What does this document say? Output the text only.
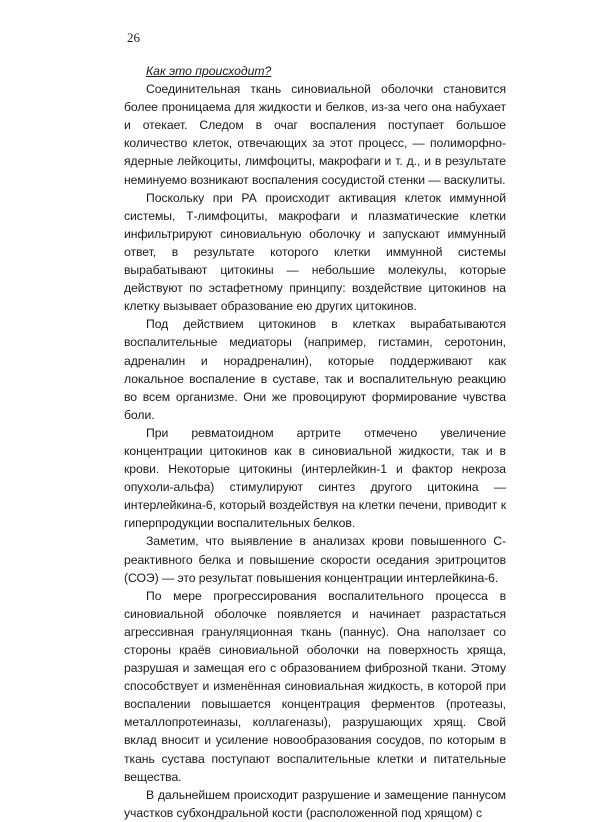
26

Как это происходит?

Соединительная ткань синовиальной оболочки становится более проницаема для жидкости и белков, из-за чего она набухает и отекает. Следом в очаг воспаления поступает большое количество клеток, отвечающих за этот процесс, — полиморфно-ядерные лейкоциты, лимфоциты, макрофаги и т. д., и в результате неминуемо возникают воспаления сосудистой стенки — васкулиты.

Поскольку при РА происходит активация клеток иммунной системы, Т-лимфоциты, макрофаги и плазматические клетки инфильтрируют синовиальную оболочку и запускают иммунный ответ, в результате которого клетки иммунной системы вырабатывают цитокины — небольшие молекулы, которые действуют по эстафетному принципу: воздействие цитокинов на клетку вызывает образование ею других цитокинов.

Под действием цитокинов в клетках вырабатываются воспалительные медиаторы (например, гистамин, серотонин, адреналин и норадреналин), которые поддерживают как локальное воспаление в суставе, так и воспалительную реакцию во всем организме. Они же провоцируют формирование чувства боли.

При ревматоидном артрите отмечено увеличение концентрации цитокинов как в синовиальной жидкости, так и в крови. Некоторые цитокины (интерлейкин-1 и фактор некроза опухоли-альфа) стимулируют синтез другого цитокина — интерлейкина-6, который воздействуя на клетки печени, приводит к гиперпродукции воспалительных белков.

Заметим, что выявление в анализах крови повышенного С-реактивного белка и повышение скорости оседания эритроцитов (СОЭ) — это результат повышения концентрации интерлейкина-6.

По мере прогрессирования воспалительного процесса в синовиальной оболочке появляется и начинает разрастаться агрессивная грануляционная ткань (паннус). Она наползает со стороны краёв синовиальной оболочки на поверхность хряща, разрушая и замещая его с образованием фиброзной ткани. Этому способствует и изменённая синовиальная жидкость, в которой при воспалении повышается концентрация ферментов (протеазы, металлопротеиназы, коллагеназы), разрушающих хрящ. Свой вклад вносит и усиление новообразования сосудов, по которым в ткань сустава поступают воспалительные клетки и питательные вещества.

В дальнейшем происходит разрушение и замещение паннусом участков субхондральной кости (расположенной под хрящом) с
